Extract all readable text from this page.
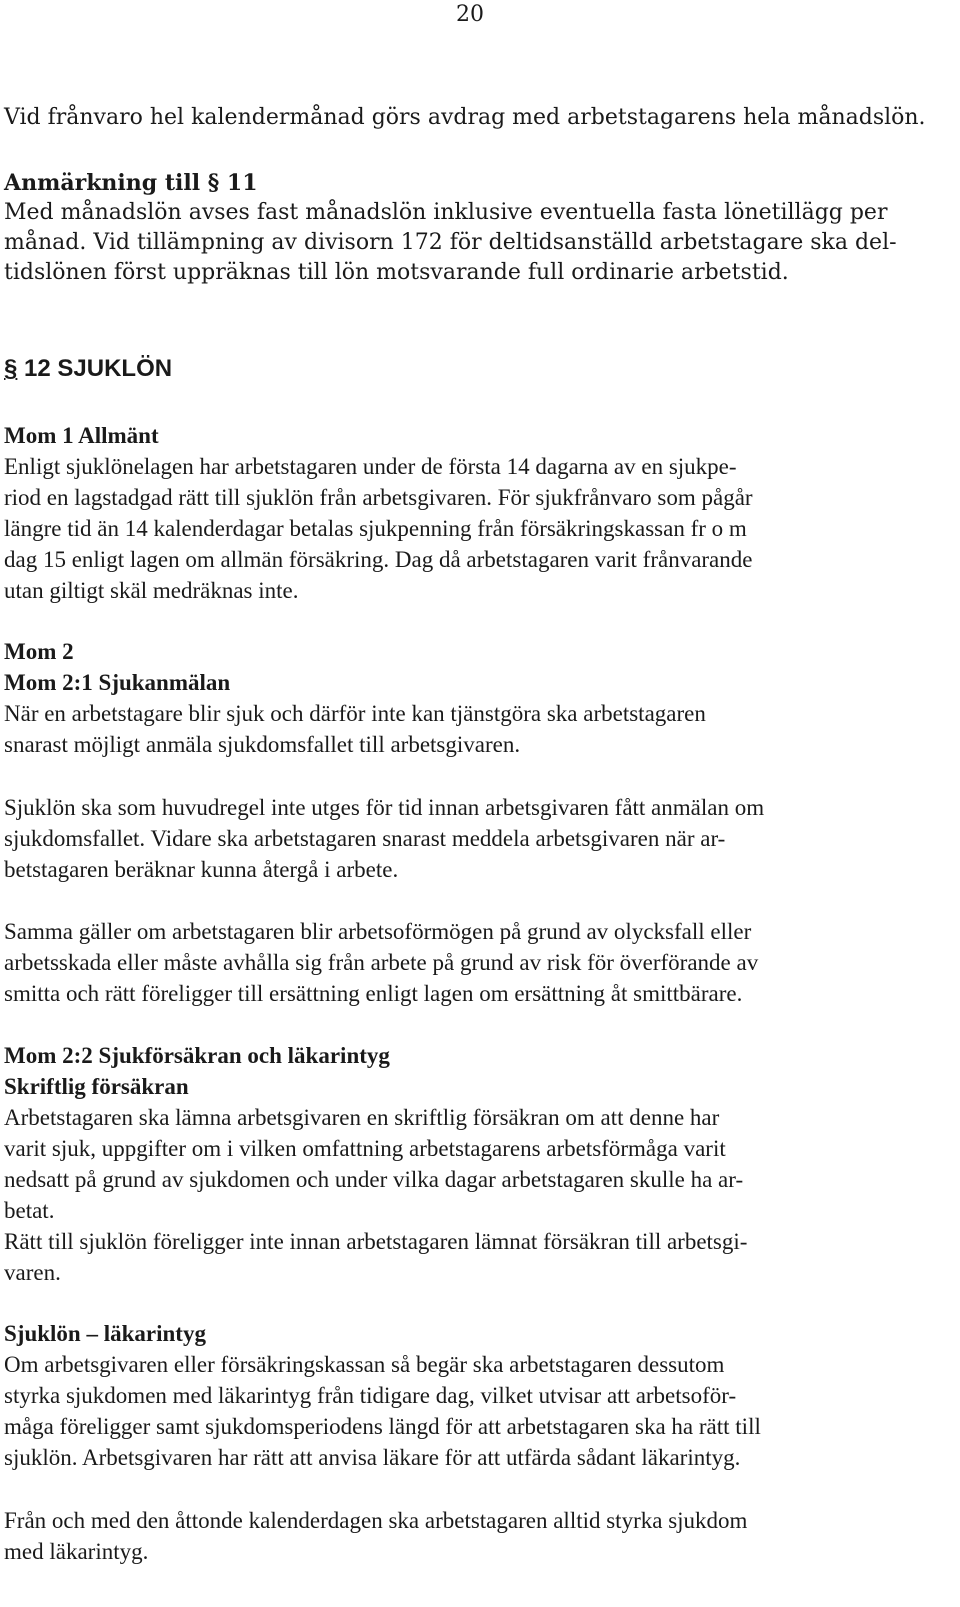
20
Vid frånvaro hel kalendermånad görs avdrag med arbetstagarens hela månadslön.
Anmärkning till § 11
Med månadslön avses fast månadslön inklusive eventuella fasta lönetillägg per
månad. Vid tillämpning av divisorn 172 för deltidsanställd arbetstagare ska del-
tidslönen först uppräknas till lön motsvarande full ordinarie arbetstid.
§ 12 SJUKLÖN
Mom 1 Allmänt
Enligt sjuklönelagen har arbetstagaren under de första 14 dagarna av en sjukpe-
riod en lagstadgad rätt till sjuklön från arbetsgivaren. För sjukfrånvaro som pågår
längre tid än 14 kalenderdagar betalas sjukpenning från försäkringskassan fr o m
dag 15 enligt lagen om allmän försäkring. Dag då arbetstagaren varit frånvarande
utan giltigt skäl medräknas inte.
Mom 2
Mom 2:1 Sjukanmälan
När en arbetstagare blir sjuk och därför inte kan tjänstgöra ska arbetstagaren
snarast möjligt anmäla sjukdomsfallet till arbetsgivaren.
Sjuklön ska som huvudregel inte utges för tid innan arbetsgivaren fått anmälan om
sjukdomsfallet. Vidare ska arbetstagaren snarast meddela arbetsgivaren när ar-
betstagaren beräknar kunna återgå i arbete.
Samma gäller om arbetstagaren blir arbetsoförmögen på grund av olycksfall eller
arbetsskada eller måste avhålla sig från arbete på grund av risk för överförande av
smitta och rätt föreligger till ersättning enligt lagen om ersättning åt smittbärare.
Mom 2:2 Sjukförsäkran och läkarintyg
Skriftlig försäkran
Arbetstagaren ska lämna arbetsgivaren en skriftlig försäkran om att denne har
varit sjuk, uppgifter om i vilken omfattning arbetstagarens arbetsförmåga varit
nedsatt på grund av sjukdomen och under vilka dagar arbetstagaren skulle ha ar-
betat.
Rätt till sjuklön föreligger inte innan arbetstagaren lämnat försäkran till arbetsgi-
varen.
Sjuklön – läkarintyg
Om arbetsgivaren eller försäkringskassan så begär ska arbetstagaren dessutom
styrka sjukdomen med läkarintyg från tidigare dag, vilket utvisar att arbetsoför-
måga föreligger samt sjukdomsperiodens längd för att arbetstagaren ska ha rätt till
sjuklön. Arbetsgivaren har rätt att anvisa läkare för att utfärda sådant läkarintyg.
Från och med den åttonde kalenderdagen ska arbetstagaren alltid styrka sjukdom
med läkarintyg.
